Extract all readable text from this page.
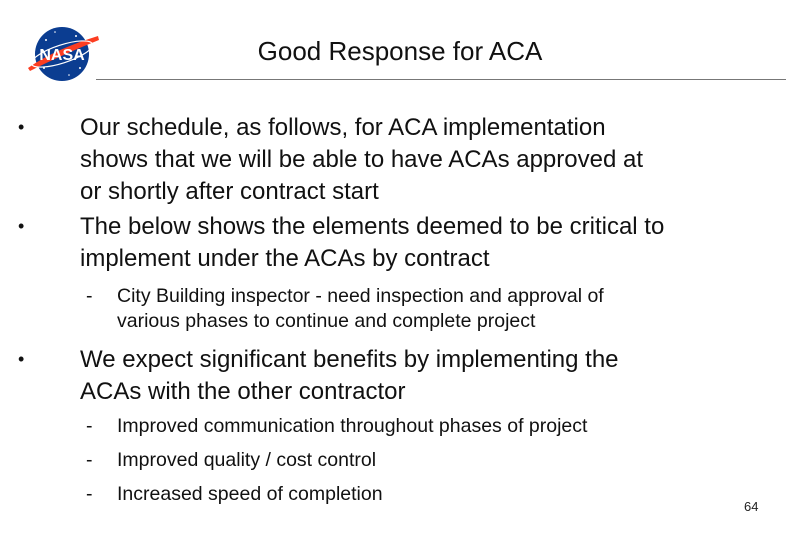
NASA	Good Response for ACA
• Our schedule, as follows, for ACA implementation
shows that we will be able to have ACAs approved at
or shortly after contract start
• The below shows the elements deemed to be critical to
implement under the ACAs by contract
- City Building inspector - need inspection and approval of
various phases to continue and complete project
• We expect significant benefits by implementing the
ACAs with the other contractor
- Improved communication throughout phases of project
- Improved quality / cost control
- Increased speed of completion
64
